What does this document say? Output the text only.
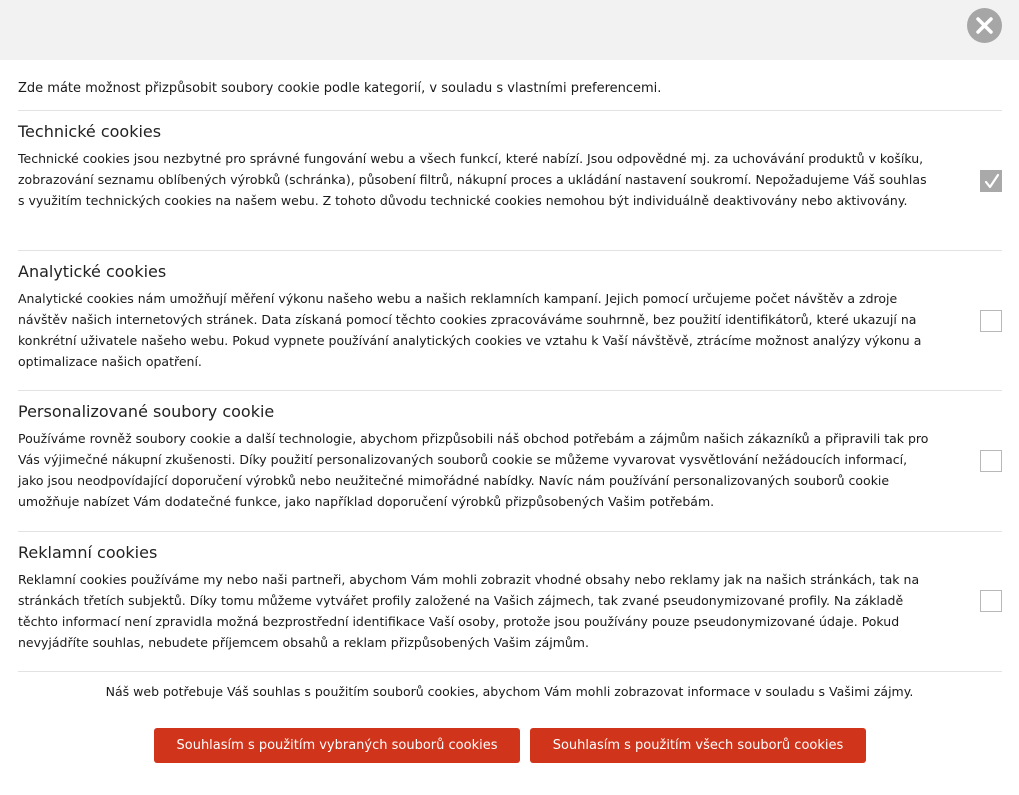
Zde máte možnost přizpůsobit soubory cookie podle kategorií, v souladu s vlastními preferencemi.
Technické cookies
Technické cookies jsou nezbytné pro správné fungování webu a všech funkcí, které nabízí. Jsou odpovědné mj. za uchovávání produktů v košíku, zobrazování seznamu oblíbených výrobků (schránka), působení filtrů, nákupní proces a ukládání nastavení soukromí. Nepožadujeme Váš souhlas s využitím technických cookies na našem webu. Z tohoto důvodu technické cookies nemohou být individuálně deaktivovány nebo aktivovány.
Analytické cookies
Analytické cookies nám umožňují měření výkonu našeho webu a našich reklamních kampaní. Jejich pomocí určujeme počet návštěv a zdroje návštěv našich internetových stránek. Data získaná pomocí těchto cookies zpracováváme souhrnně, bez použití identifikátorů, které ukazují na konkrétní uživatele našeho webu. Pokud vypnete používání analytických cookies ve vztahu k Vaší návštěvě, ztrácíme možnost analýzy výkonu a optimalizace našich opatření.
Personalizované soubory cookie
Používáme rovněž soubory cookie a další technologie, abychom přizpůsobili náš obchod potřebám a zájmům našich zákazníků a připravili tak pro Vás výjimečné nákupní zkušenosti. Díky použití personalizovaných souborů cookie se můžeme vyvarovat vysvětlování nežádoucích informací, jako jsou neodpovídající doporučení výrobků nebo neužitečné mimořádné nabídky. Navíc nám používání personalizovaných souborů cookie umožňuje nabízet Vám dodatečné funkce, jako například doporučení výrobků přizpůsobených Vašim potřebám.
Reklamní cookies
Reklamní cookies používáme my nebo naši partneři, abychom Vám mohli zobrazit vhodné obsahy nebo reklamy jak na našich stránkách, tak na stránkách třetích subjektů. Díky tomu můžeme vytvářet profily založené na Vašich zájmech, tak zvané pseudonymizované profily. Na základě těchto informací není zpravidla možná bezprostřední identifikace Vaší osoby, protože jsou používány pouze pseudonymizované údaje. Pokud nevyjádříte souhlas, nebudete příjemcem obsahů a reklam přizpůsobených Vašim zájmům.
Náš web potřebuje Váš souhlas s použitím souborů cookies, abychom Vám mohli zobrazovat informace v souladu s Vašimi zájmy.
Souhlasím s použitím vybraných souborů cookies	Souhlasím s použitím všech souborů cookies
